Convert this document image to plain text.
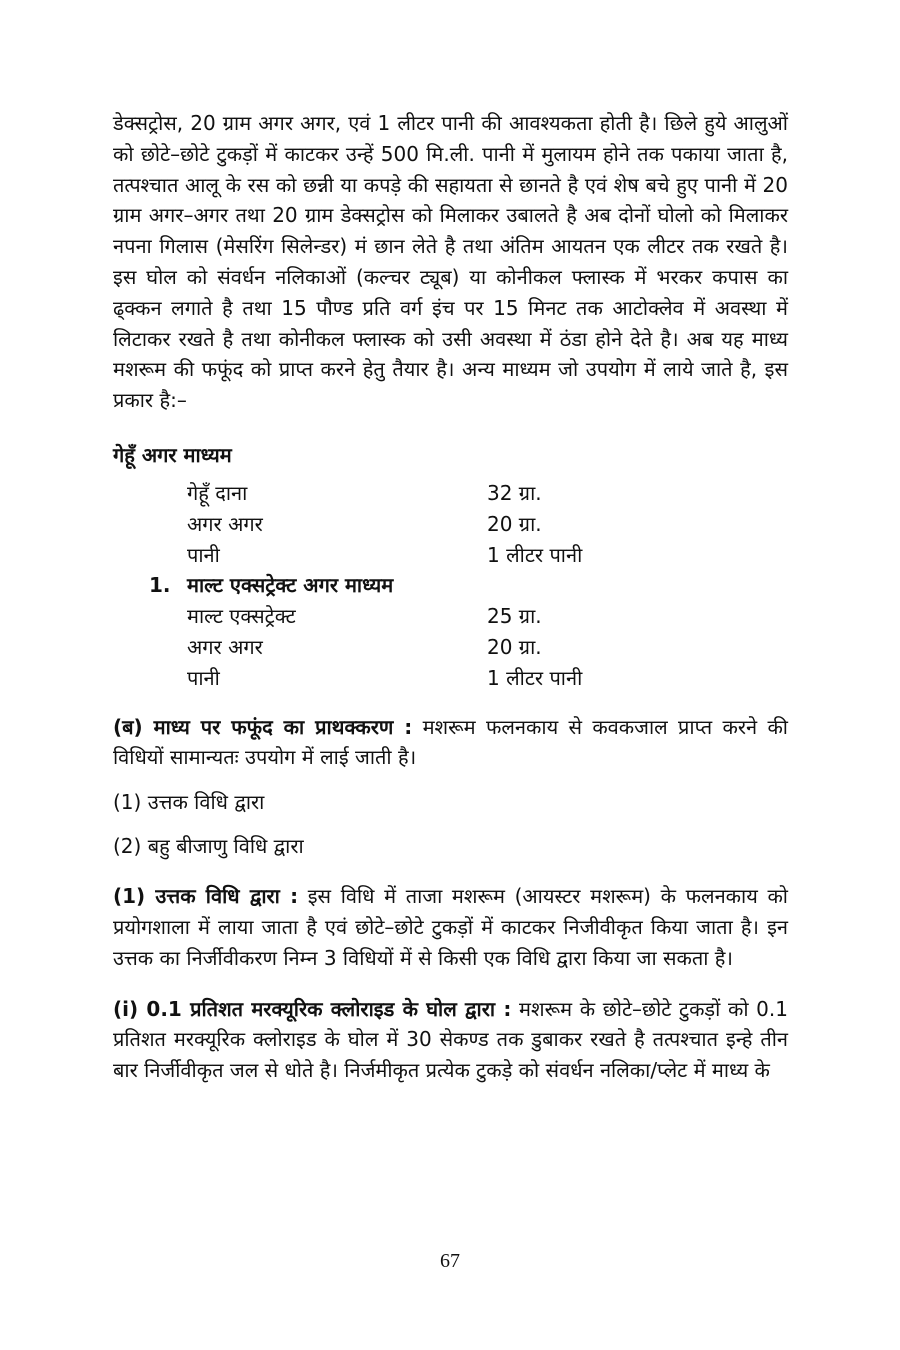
डेक्सट्रोस, 20 ग्राम अगर अगर, एवं 1 लीटर पानी की आवश्यकता होती है। छिले हुये आलुओं को छोटे–छोटे टुकड़ों में काटकर उन्हें 500 मि.ली. पानी में मुलायम होने तक पकाया जाता है, तत्पश्चात आलू के रस को छन्नी या कपड़े की सहायता से छानते है एवं शेष बचे हुए पानी में 20 ग्राम अगर–अगर तथा 20 ग्राम डेक्सट्रोस को मिलाकर उबालते है अब दोनों घोलो को मिलाकर नपना गिलास (मेसरिंग सिलेन्डर) मं छान लेते है तथा अंतिम आयतन एक लीटर तक रखते है। इस घोल को संवर्धन नलिकाओं (कल्चर ट्यूब) या कोनीकल फ्लास्क में भरकर कपास का ढ्क्कन लगाते है तथा 15 पौण्ड प्रति वर्ग इंच पर 15 मिनट तक आटोक्लेव में अवस्था में लिटाकर रखते है तथा कोनीकल फ्लास्क को उसी अवस्था में ठंडा होने देते है। अब यह माध्य मशरूम की फफूंद को प्राप्त करने हेतु तैयार है। अन्य माध्यम जो उपयोग में लाये जाते है, इस प्रकार है:–

गेहूँ अगर माध्यम
	गेहूँ दाना	32 ग्रा.
	अगर अगर	20 ग्रा.
	पानी	1 लीटर पानी
1.	माल्ट एक्सट्रेक्ट अगर माध्यम	
	माल्ट एक्सट्रेक्ट	25 ग्रा.
	अगर अगर	20 ग्रा.
	पानी	1 लीटर पानी

(ब) माध्य पर फफूंद का प्राथक्करण : मशरूम फलनकाय से कवकजाल प्राप्त करने की विधियों सामान्यतः उपयोग में लाई जाती है।

(1) उत्तक विधि द्वारा
(2) बहु बीजाणु विधि द्वारा

(1) उत्तक विधि द्वारा : इस विधि में ताजा मशरूम (आयस्टर मशरूम) के फलनकाय को प्रयोगशाला में लाया जाता है एवं छोटे–छोटे टुकड़ों में काटकर निजीवीकृत किया जाता है। इन उत्तक का निर्जीवीकरण निम्न 3 विधियों में से किसी एक विधि द्वारा किया जा सकता है।

(i) 0.1 प्रतिशत मरक्यूरिक क्लोराइड के घोल द्वारा : मशरूम के छोटे–छोटे टुकड़ों को 0.1 प्रतिशत मरक्यूरिक क्लोराइड के घोल में 30 सेकण्ड तक डुबाकर रखते है तत्पश्चात इन्हे तीन बार निर्जीवीकृत जल से धोते है। निर्जमीकृत प्रत्येक टुकड़े को संवर्धन नलिका/प्लेट में माध्य के

67
